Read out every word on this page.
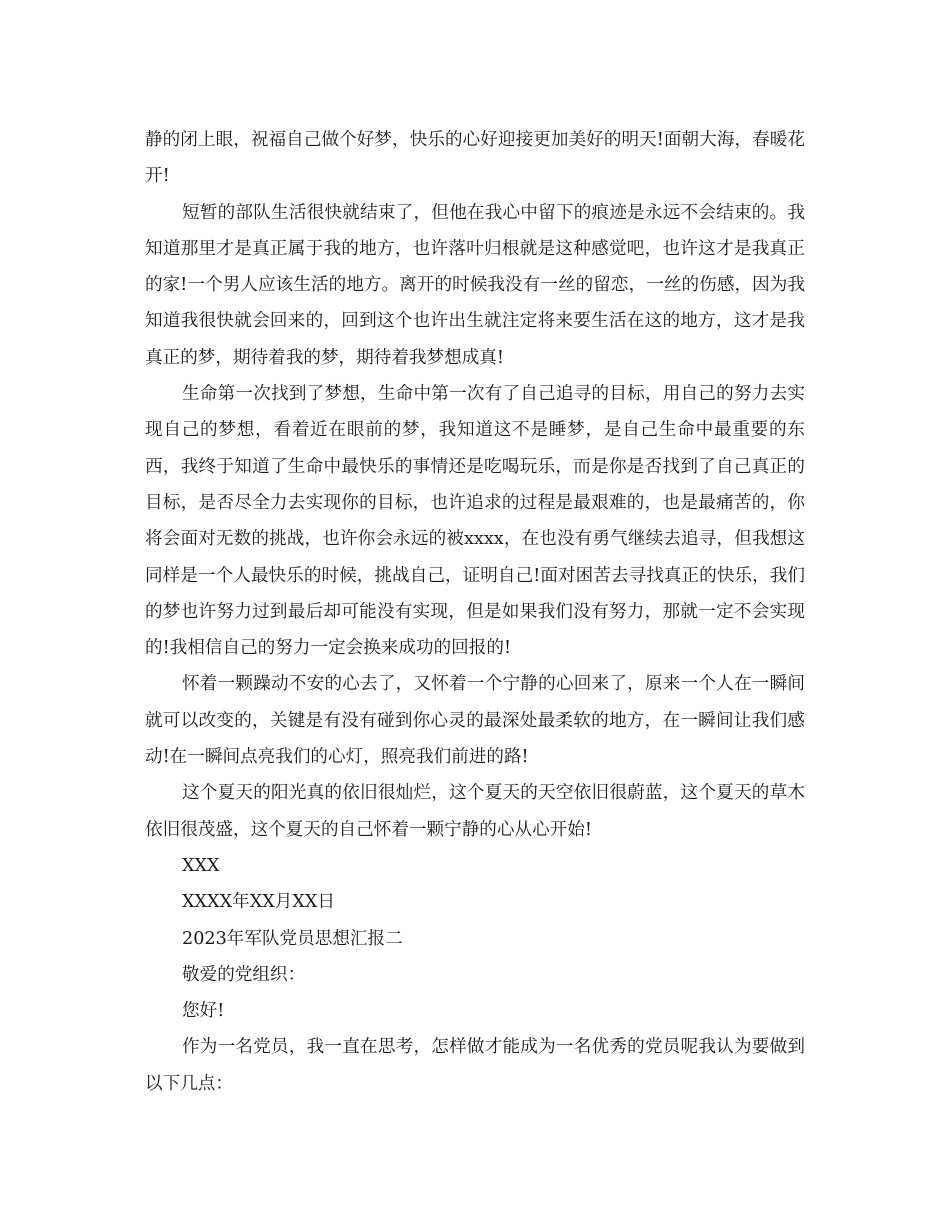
静的闭上眼，祝福自己做个好梦，快乐的心好迎接更加美好的明天!面朝大海，春暖花开!

短暂的部队生活很快就结束了，但他在我心中留下的痕迹是永远不会结束的。我知道那里才是真正属于我的地方，也许落叶归根就是这种感觉吧，也许这才是我真正的家!一个男人应该生活的地方。离开的时候我没有一丝的留恋，一丝的伤感，因为我知道我很快就会回来的，回到这个也许出生就注定将来要生活在这的地方，这才是我真正的梦，期待着我的梦，期待着我梦想成真!

生命第一次找到了梦想，生命中第一次有了自己追寻的目标，用自己的努力去实现自己的梦想，看着近在眼前的梦，我知道这不是睡梦，是自己生命中最重要的东西，我终于知道了生命中最快乐的事情还是吃喝玩乐，而是你是否找到了自己真正的目标，是否尽全力去实现你的目标，也许追求的过程是最艰难的，也是最痛苦的，你将会面对无数的挑战，也许你会永远的被xxxx，在也没有勇气继续去追寻，但我想这同样是一个人最快乐的时候，挑战自己，证明自己!面对困苦去寻找真正的快乐，我们的梦也许努力过到最后却可能没有实现，但是如果我们没有努力，那就一定不会实现的!我相信自己的努力一定会换来成功的回报的!

怀着一颗躁动不安的心去了，又怀着一个宁静的心回来了，原来一个人在一瞬间就可以改变的，关键是有没有碰到你心灵的最深处最柔软的地方，在一瞬间让我们感动!在一瞬间点亮我们的心灯，照亮我们前进的路!

这个夏天的阳光真的依旧很灿烂，这个夏天的天空依旧很蔚蓝，这个夏天的草木依旧很茂盛，这个夏天的自己怀着一颗宁静的心从心开始!

XXX

XXXX年XX月XX日

2023年军队党员思想汇报二

敬爱的党组织：

您好!

作为一名党员，我一直在思考，怎样做才能成为一名优秀的党员呢我认为要做到以下几点：
